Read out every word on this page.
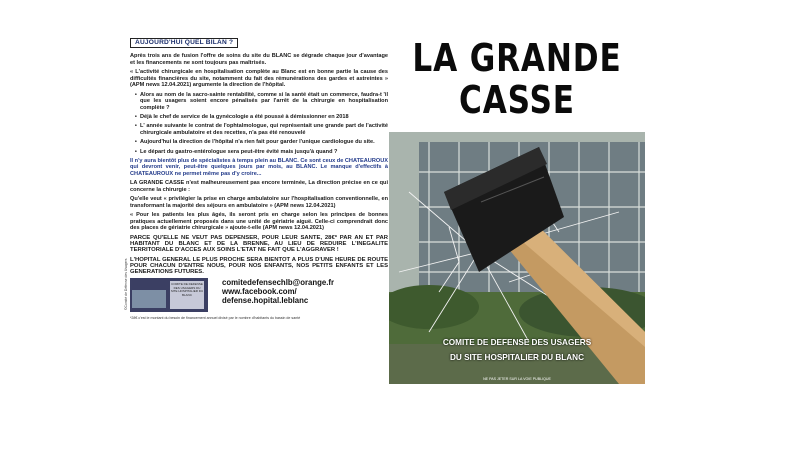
AUJOURD'HUI QUEL BILAN ?

Après trois ans de fusion l'offre de soins du site du BLANC se dégrade chaque jour d'avantage et les financements ne sont toujours pas maîtrisés.

« L'activité chirurgicale en hospitalisation complète au Blanc est en bonne partie la cause des difficultés financières du site, notamment du fait des rémunérations des gardes et astreintes » (APM news 12.04.2021) argumente la direction de l'hôpital.

• Alors au nom de la sacro-sainte rentabilité, comme si la santé était un commerce, faudra-t 'il que les usagers soient encore pénalisés par l'arrêt de la chirurgie en hospitalisation complète ?
• Déjà le chef de service de la gynécologie a été poussé à démissionner en 2018
• L' année suivante le contrat de l'ophtalmologue, qui représentait une grande part de l'activité chirurgicale ambulatoire et des recettes, n'a pas été renouvelé
• Aujourd'hui la direction de l'hôpital n'a rien fait pour garder l'unique cardiologue du site.
• Le départ du gastro-entérologue sera peut-être évité mais jusqu'à quand ?

Il n'y aura bientôt plus de spécialistes à temps plein au BLANC. Ce sont ceux de CHATEAUROUX qui devront venir, peut-être quelques jours par mois, au BLANC. Le manque d'effectifs à CHATEAUROUX ne permet même pas d'y croire...

LA GRANDE CASSE n'est malheureusement pas encore terminée, La direction précise en ce qui concerne la chirurgie :

Qu'elle veut « privilégier la prise en charge ambulatoire sur l'hospitalisation conventionnelle, en transformant la majorité des séjours en ambulatoire » (APM news 12.04.2021)

« Pour les patients les plus âgés, ils seront pris en charge selon les principes de bonnes pratiques actuellement proposés dans une unité de gériatrie aiguë. Celle-ci comprendrait donc des places de gériatrie chirurgicale » ajoute-t-elle (APM news 12.04.2021)

PARCE QU'ELLE NE VEUT PAS DEPENSER, POUR LEUR SANTE, 28€* PAR AN ET PAR HABITANT DU BLANC ET DE LA BRENNE, AU LIEU DE REDUIRE L'INEGALITE TERRITORIALE D'ACCES AUX SOINS L'ETAT NE FAIT QUE L'AGGRAVER !

L'HOPITAL GENERAL LE PLUS PROCHE SERA BIENTOT A PLUS D'UNE HEURE DE ROUTE POUR CHACUN D'ENTRE NOUS, POUR NOS ENFANTS, NOS PETITS ENFANTS ET LES GENERATIONS FUTURES.

COMITE DE DEFENSE DES USAGERS DU SITE HOSPITALIER DU BLANC
comitedefensechlb@orange.fr
www.facebook.com/
defense.hopital.leblanc
*28€ c'est le montant du besoin de financement annuel divisé par le nombre d'habitants du bassin de santé
©Comité de Défense des Usagers
LA GRANDE
CASSE
COMITE DE DEFENSE DES USAGERS
DU SITE HOSPITALIER DU BLANC
NE PAS JETER SUR LA VOIE PUBLIQUE
